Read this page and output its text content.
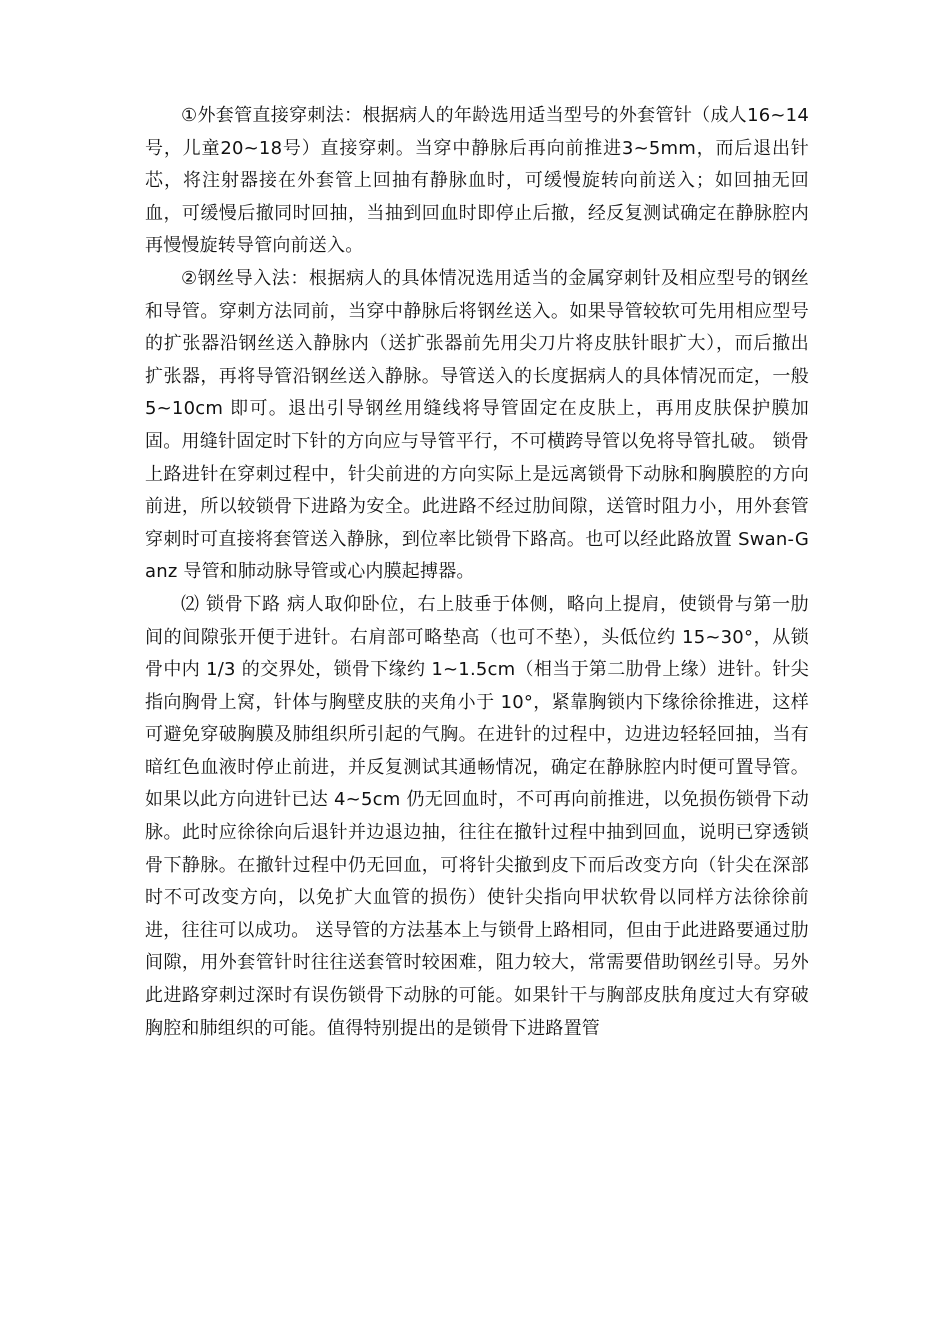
①外套管直接穿刺法：根据病人的年龄选用适当型号的外套管针（成人16~14号，儿童20~18号）直接穿刺。当穿中静脉后再向前推进3~5mm，而后退出针芯，将注射器接在外套管上回抽有静脉血时，可缓慢旋转向前送入；如回抽无回血，可缓慢后撤同时回抽，当抽到回血时即停止后撤，经反复测试确定在静脉腔内再慢慢旋转导管向前送入。

②钢丝导入法：根据病人的具体情况选用适当的金属穿刺针及相应型号的钢丝和导管。穿刺方法同前，当穿中静脉后将钢丝送入。如果导管较软可先用相应型号的扩张器沿钢丝送入静脉内（送扩张器前先用尖刀片将皮肤针眼扩大），而后撤出扩张器，再将导管沿钢丝送入静脉。导管送入的长度据病人的具体情况而定，一般 5~10cm 即可。退出引导钢丝用缝线将导管固定在皮肤上，再用皮肤保护膜加固。用缝针固定时下针的方向应与导管平行，不可横跨导管以免将导管扎破。 锁骨上路进针在穿刺过程中，针尖前进的方向实际上是远离锁骨下动脉和胸膜腔的方向前进，所以较锁骨下进路为安全。此进路不经过肋间隙，送管时阻力小，用外套管穿刺时可直接将套管送入静脉，到位率比锁骨下路高。也可以经此路放置 Swan-Ganz 导管和肺动脉导管或心内膜起搏器。

⑵ 锁骨下路 病人取仰卧位，右上肢垂于体侧，略向上提肩，使锁骨与第一肋间的间隙张开便于进针。右肩部可略垫高（也可不垫），头低位约 15~30°，从锁骨中内 1/3 的交界处，锁骨下缘约 1~1.5cm（相当于第二肋骨上缘）进针。针尖指向胸骨上窝，针体与胸壁皮肤的夹角小于 10°，紧靠胸锁内下缘徐徐推进，这样可避免穿破胸膜及肺组织所引起的气胸。在进针的过程中，边进边轻轻回抽，当有暗红色血液时停止前进，并反复测试其通畅情况，确定在静脉腔内时便可置导管。如果以此方向进针已达 4~5cm 仍无回血时，不可再向前推进，以免损伤锁骨下动脉。此时应徐徐向后退针并边退边抽，往往在撤针过程中抽到回血，说明已穿透锁骨下静脉。在撤针过程中仍无回血，可将针尖撤到皮下而后改变方向（针尖在深部时不可改变方向，以免扩大血管的损伤）使针尖指向甲状软骨以同样方法徐徐前进，往往可以成功。 送导管的方法基本上与锁骨上路相同，但由于此进路要通过肋间隙，用外套管针时往往送套管时较困难，阻力较大，常需要借助钢丝引导。另外此进路穿刺过深时有误伤锁骨下动脉的可能。如果针干与胸部皮肤角度过大有穿破胸腔和肺组织的可能。值得特别提出的是锁骨下进路置管
